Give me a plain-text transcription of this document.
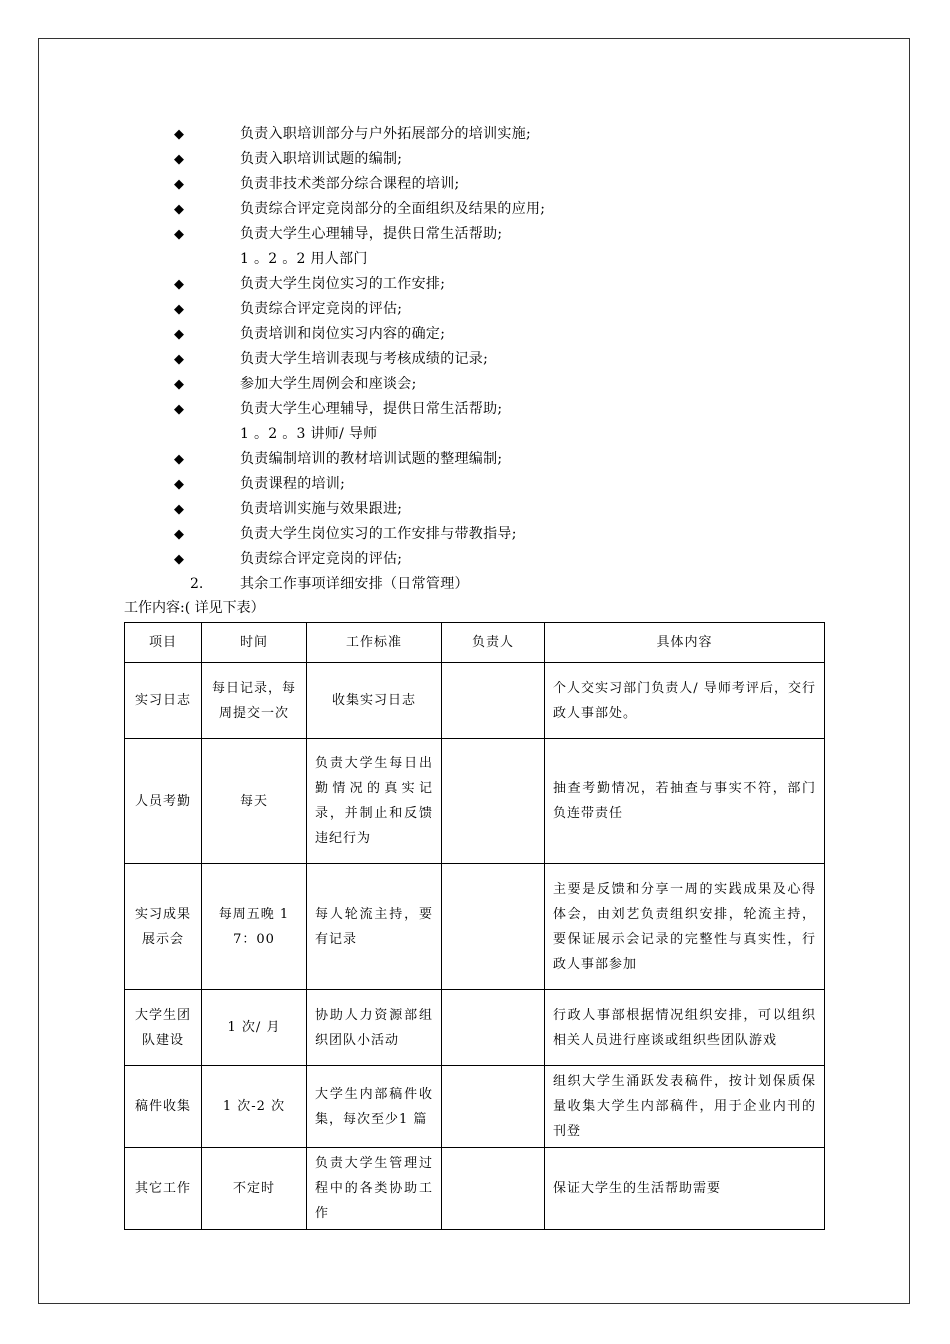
◆	负责入职培训部分与户外拓展部分的培训实施;
◆	负责入职培训试题的编制;
◆	负责非技术类部分综合课程的培训;
◆	负责综合评定竞岗部分的全面组织及结果的应用;
◆	负责大学生心理辅导，提供日常生活帮助;
1 。2 。2 用人部门
◆	负责大学生岗位实习的工作安排;
◆	负责综合评定竞岗的评估;
◆	负责培训和岗位实习内容的确定;
◆	负责大学生培训表现与考核成绩的记录;
◆	参加大学生周例会和座谈会;
◆	负责大学生心理辅导，提供日常生活帮助;
1 。2 。3 讲师/ 导师
◆	负责编制培训的教材培训试题的整理编制;
◆	负责课程的培训;
◆	负责培训实施与效果跟进;
◆	负责大学生岗位实习的工作安排与带教指导;
◆	负责综合评定竞岗的评估;
2.	其余工作事项详细安排（日常管理）
工作内容:( 详见下表）
项目	时间	工作标准	负责人	具体内容
实习日志	每日记录，每周提交一次	收集实习日志		个人交实习部门负责人/ 导师考评后，交行政人事部处。
人员考勤	每天	负责大学生每日出勤情况的真实记录，并制止和反馈违纪行为		抽查考勤情况，若抽查与事实不符，部门负连带责任
实习成果展示会	每周五晚 17：00	每人轮流主持，要有记录		主要是反馈和分享一周的实践成果及心得体会，由刘艺负责组织安排，轮流主持，要保证展示会记录的完整性与真实性，行政人事部参加
大学生团队建设	1 次/ 月	协助人力资源部组织团队小活动		行政人事部根据情况组织安排，可以组织相关人员进行座谈或组织些团队游戏
稿件收集	1 次-2 次	大学生内部稿件收集，每次至少1 篇		组织大学生涌跃发表稿件，按计划保质保量收集大学生内部稿件，用于企业内刊的刊登
其它工作	不定时	负责大学生管理过程中的各类协助工作		保证大学生的生活帮助需要
